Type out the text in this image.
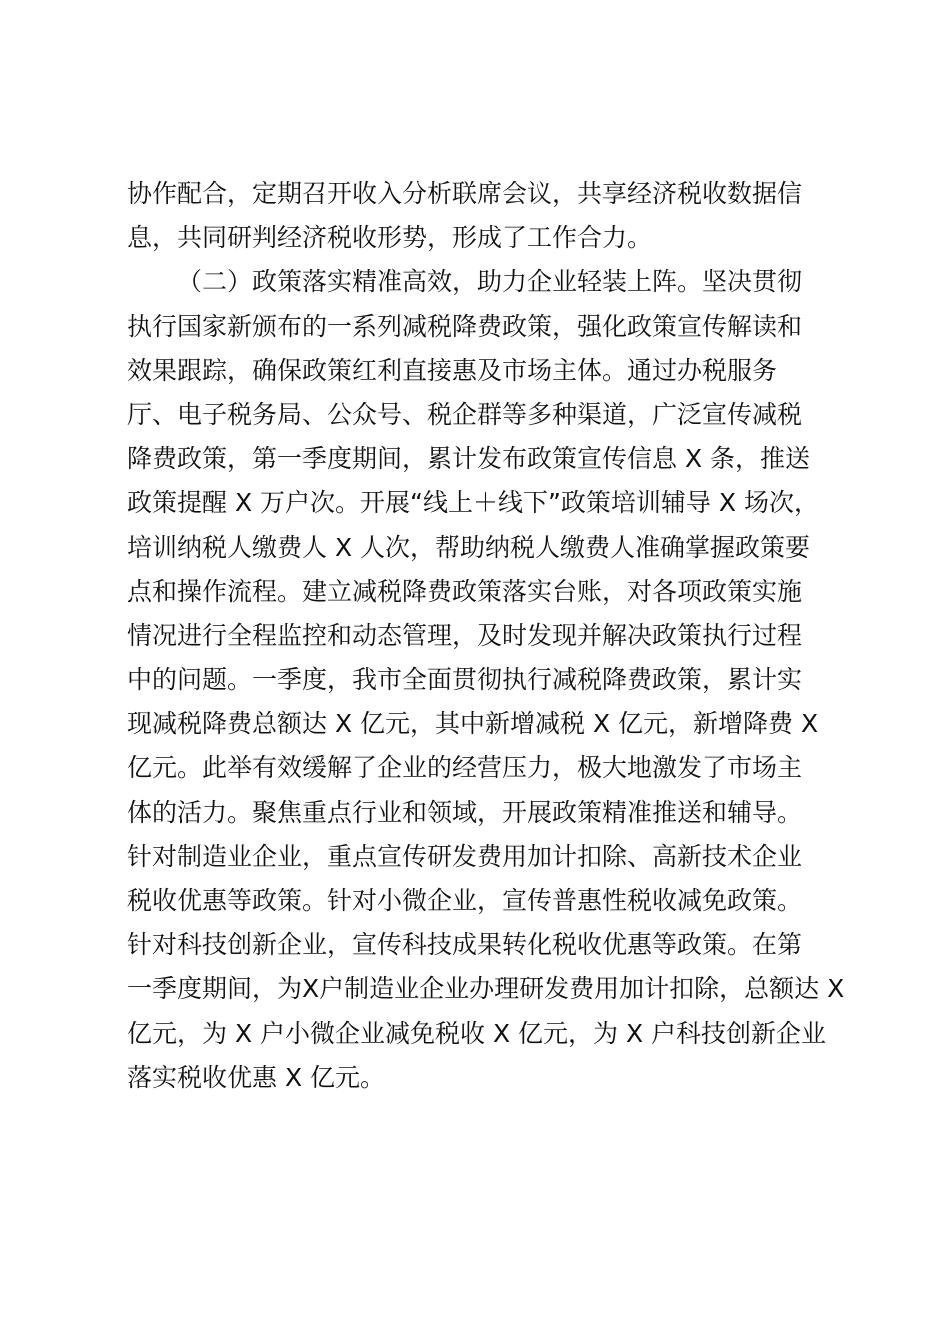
协作配合，定期召开收入分析联席会议，共享经济税收数据信
息，共同研判经济税收形势，形成了工作合力。
（二）政策落实精准高效，助力企业轻装上阵。坚决贯彻
执行国家新颁布的一系列减税降费政策，强化政策宣传解读和
效果跟踪，确保政策红利直接惠及市场主体。通过办税服务
厅、电子税务局、公众号、税企群等多种渠道，广泛宣传减税
降费政策，第一季度期间，累计发布政策宣传信息 X 条，推送
政策提醒 X 万户次。开展“线上＋线下”政策培训辅导 X 场次，
培训纳税人缴费人 X 人次，帮助纳税人缴费人准确掌握政策要
点和操作流程。建立减税降费政策落实台账，对各项政策实施
情况进行全程监控和动态管理，及时发现并解决政策执行过程
中的问题。一季度，我市全面贯彻执行减税降费政策，累计实
现减税降费总额达 X 亿元，其中新增减税 X 亿元，新增降费 X
亿元。此举有效缓解了企业的经营压力，极大地激发了市场主
体的活力。聚焦重点行业和领域，开展政策精准推送和辅导。
针对制造业企业，重点宣传研发费用加计扣除、高新技术企业
税收优惠等政策。针对小微企业，宣传普惠性税收减免政策。
针对科技创新企业，宣传科技成果转化税收优惠等政策。在第
一季度期间，为X户制造业企业办理研发费用加计扣除，总额达 X
亿元，为 X 户小微企业减免税收 X 亿元，为 X 户科技创新企业
落实税收优惠 X 亿元。
